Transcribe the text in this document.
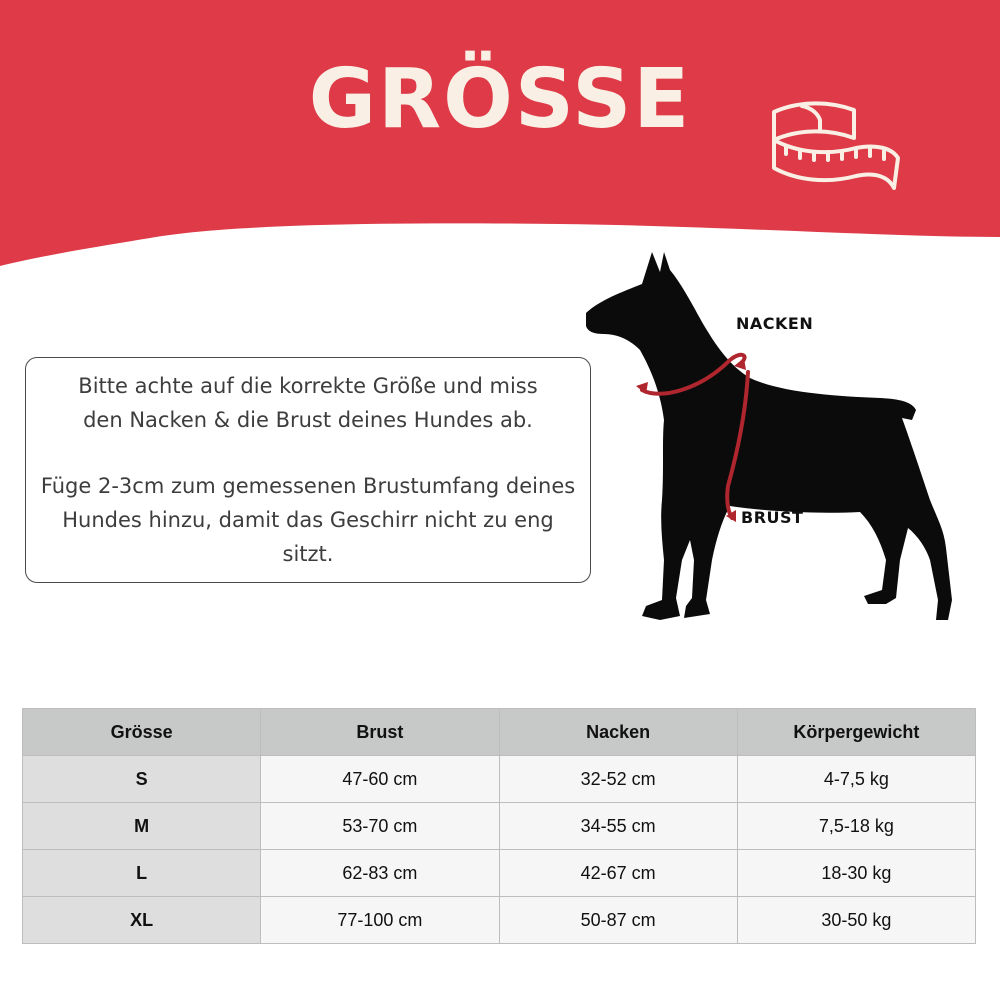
GRÖSSE

Bitte achte auf die korrekte Größe und miss
den Nacken & die Brust deines Hundes ab.

Füge 2-3cm zum gemessenen Brustumfang deines
Hundes hinzu, damit das Geschirr nicht zu eng sitzt.

NACKEN
BRUST
Grösse	Brust	Nacken	Körpergewicht
S	47-60 cm	32-52 cm	4-7,5 kg
M	53-70 cm	34-55 cm	7,5-18 kg
L	62-83 cm	42-67 cm	18-30 kg
XL	77-100 cm	50-87 cm	30-50 kg
